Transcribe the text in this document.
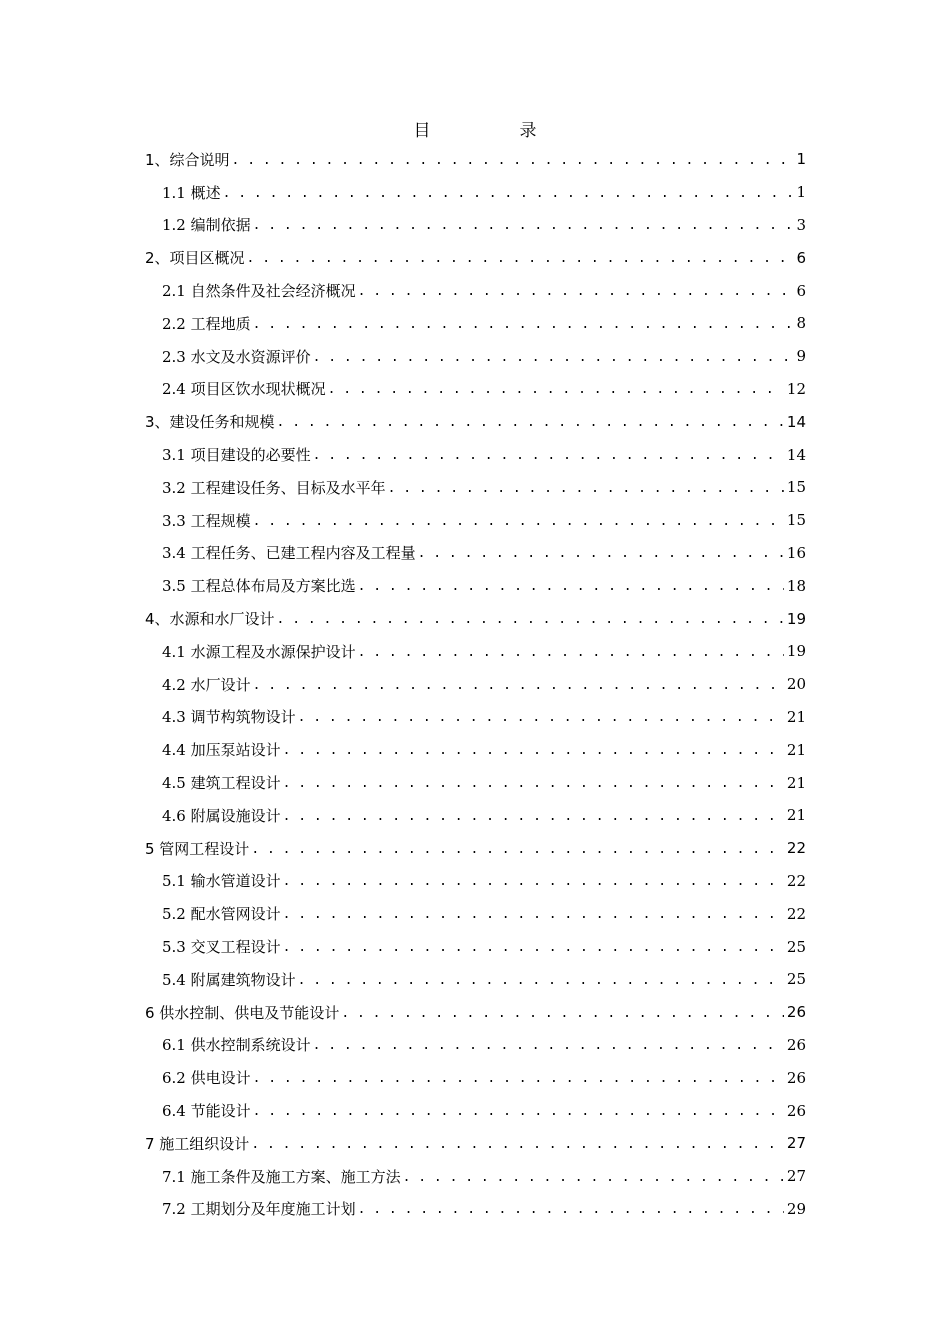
目　录
1、综合说明 . . .	1
1.1 概述 . . .	1
1.2 编制依据 . . .	3
2、项目区概况 . . .	6
2.1 自然条件及社会经济概况 . . .	6
2.2 工程地质 . . .	8
2.3 水文及水资源评价 . . .	9
2.4 项目区饮水现状概况 . . .	12
3、建设任务和规模 . . .	14
3.1 项目建设的必要性 . . .	14
3.2 工程建设任务、目标及水平年 . . .	15
3.3 工程规模 . . .	15
3.4 工程任务、已建工程内容及工程量 . . .	16
3.5 工程总体布局及方案比选 . . .	18
4、水源和水厂设计 . . .	19
4.1 水源工程及水源保护设计 . . .	19
4.2 水厂设计 . . .	20
4.3 调节构筑物设计 . . .	21
4.4 加压泵站设计 . . .	21
4.5 建筑工程设计 . . .	21
4.6 附属设施设计 . . .	21
5 管网工程设计 . . .	22
5.1 输水管道设计 . . .	22
5.2 配水管网设计 . . .	22
5.3 交叉工程设计 . . .	25
5.4 附属建筑物设计 . . .	25
6 供水控制、供电及节能设计 . . .	26
6.1 供水控制系统设计 . . .	26
6.2 供电设计 . . .	26
6.4 节能设计 . . .	26
7 施工组织设计 . . .	27
7.1 施工条件及施工方案、施工方法 . . .	27
7.2 工期划分及年度施工计划 . . .	29
